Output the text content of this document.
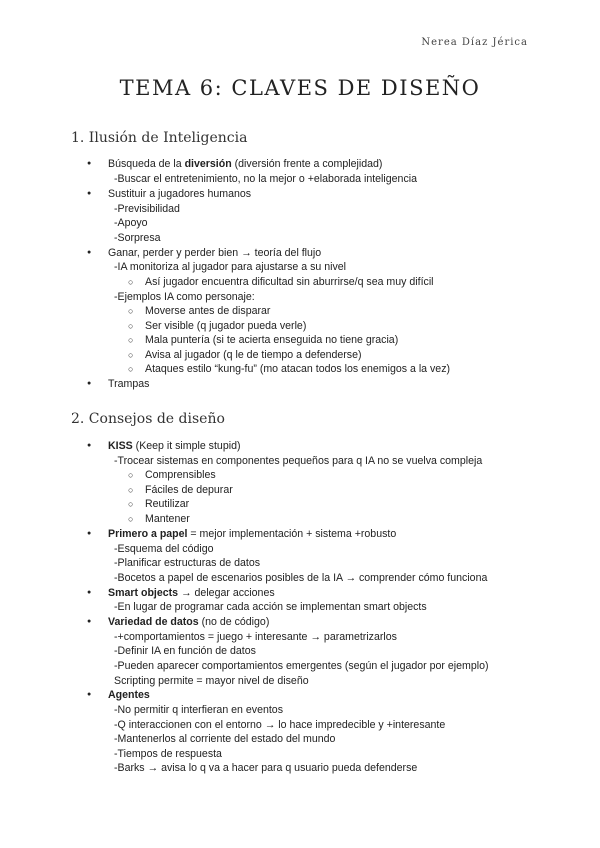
Nerea Díaz Jérica
TEMA 6: CLAVES DE DISEÑO
1. Ilusión de Inteligencia
● Búsqueda de la diversión (diversión frente a complejidad)
-Buscar el entretenimiento, no la mejor o +elaborada inteligencia
● Sustituir a jugadores humanos
-Previsibilidad
-Apoyo
-Sorpresa
● Ganar, perder y perder bien → teoría del flujo
-IA monitoriza al jugador para ajustarse a su nivel
○ Así jugador encuentra dificultad sin aburrirse/q sea muy difícil
-Ejemplos IA como personaje:
○ Moverse antes de disparar
○ Ser visible (q jugador pueda verle)
○ Mala puntería (si te acierta enseguida no tiene gracia)
○ Avisa al jugador (q le de tiempo a defenderse)
○ Ataques estilo “kung-fu” (mo atacan todos los enemigos a la vez)
● Trampas
2. Consejos de diseño
● KISS (Keep it simple stupid)
-Trocear sistemas en componentes pequeños para q IA no se vuelva compleja
○ Comprensibles
○ Fáciles de depurar
○ Reutilizar
○ Mantener
● Primero a papel = mejor implementación + sistema +robusto
-Esquema del código
-Planificar estructuras de datos
-Bocetos a papel de escenarios posibles de la IA → comprender cómo funciona
● Smart objects → delegar acciones
-En lugar de programar cada acción se implementan smart objects
● Variedad de datos (no de código)
-+comportamientos = juego + interesante → parametrizarlos
-Definir IA en función de datos
-Pueden aparecer comportamientos emergentes (según el jugador por ejemplo)
Scripting permite = mayor nivel de diseño
● Agentes
-No permitir q interfieran en eventos
-Q interaccionen con el entorno → lo hace impredecible y +interesante
-Mantenerlos al corriente del estado del mundo
-Tiempos de respuesta
-Barks → avisa lo q va a hacer para q usuario pueda defenderse
